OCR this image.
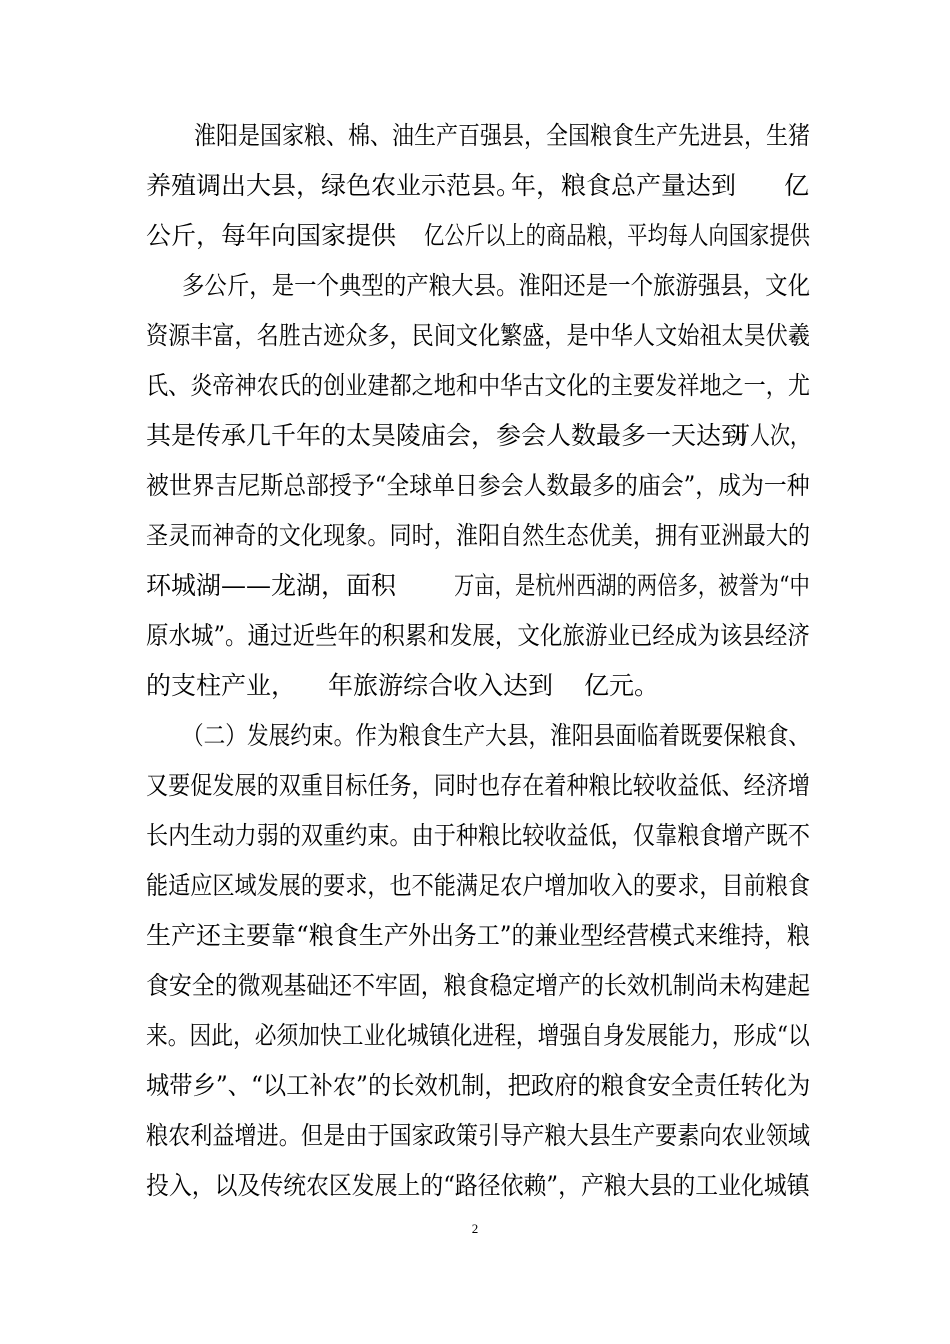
淮阳是国家粮、棉、油生产百强县，全国粮食生产先进县，生猪
养殖调出大县，绿色农业示范县。
年，粮食总产量达到 亿
公斤，每年向国家提供 亿公斤以上的商品粮，平均每人向国家提供
多公斤，是一个典型的产粮大县。淮阳还是一个旅游强县，文化
资源丰富，名胜古迹众多，民间文化繁盛，是中华人文始祖太昊伏羲
氏、炎帝神农氏的创业建都之地和中华古文化的主要发祥地之一，尤
其是传承几千年的太昊陵庙会，参会人数最多一天达到
万人次，
被世界吉尼斯总部授予“全球单日参会人数最多的庙会”，成为一种
圣灵而神奇的文化现象。同时，淮阳自然生态优美，拥有亚洲最大的
环城湖——龙湖，面积 万亩，是杭州西湖的两倍多，被誉为“中
原水城”。通过近些年的积累和发展，文化旅游业已经成为该县经济
的支柱产业， 年旅游综合收入达到 亿元。
（二）发展约束。作为粮食生产大县，淮阳县面临着既要保粮食、
又要促发展的双重目标任务，同时也存在着种粮比较收益低、经济增
长内生动力弱的双重约束。由于种粮比较收益低，仅靠粮食增产既不
能适应区域发展的要求，也不能满足农户增加收入的要求，目前粮食
生产还主要靠“粮食生产 外出务工”的兼业型经营模式来维持，粮
食安全的微观基础还不牢固，粮食稳定增产的长效机制尚未构建起
来。因此，必须加快工业化城镇化进程，增强自身发展能力，形成“以
城带乡”、“以工补农”的长效机制，把政府的粮食安全责任转化为
粮农利益增进。但是由于国家政策引导产粮大县生产要素向农业领域
投入，以及传统农区发展上的“路径依赖”，产粮大县的工业化城镇
2
